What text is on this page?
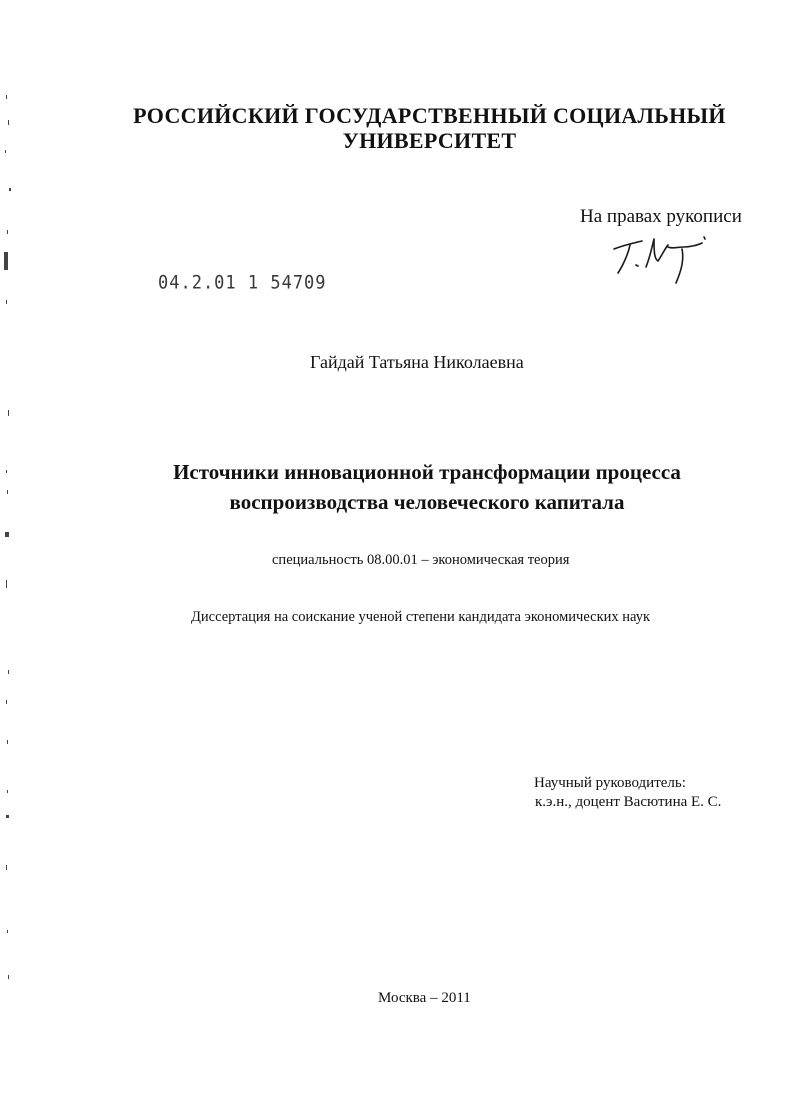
РОССИЙСКИЙ ГОСУДАРСТВЕННЫЙ СОЦИАЛЬНЫЙ
УНИВЕРСИТЕТ
На правах рукописи
04.2.01 1 54709
Гайдай Татьяна Николаевна
Источники инновационной трансформации процесса
воспроизводства человеческого капитала
специальность 08.00.01 – экономическая теория
Диссертация на соискание ученой степени кандидата экономических наук
Научный руководитель:
к.э.н., доцент Васютина Е. С.
Москва – 2011
